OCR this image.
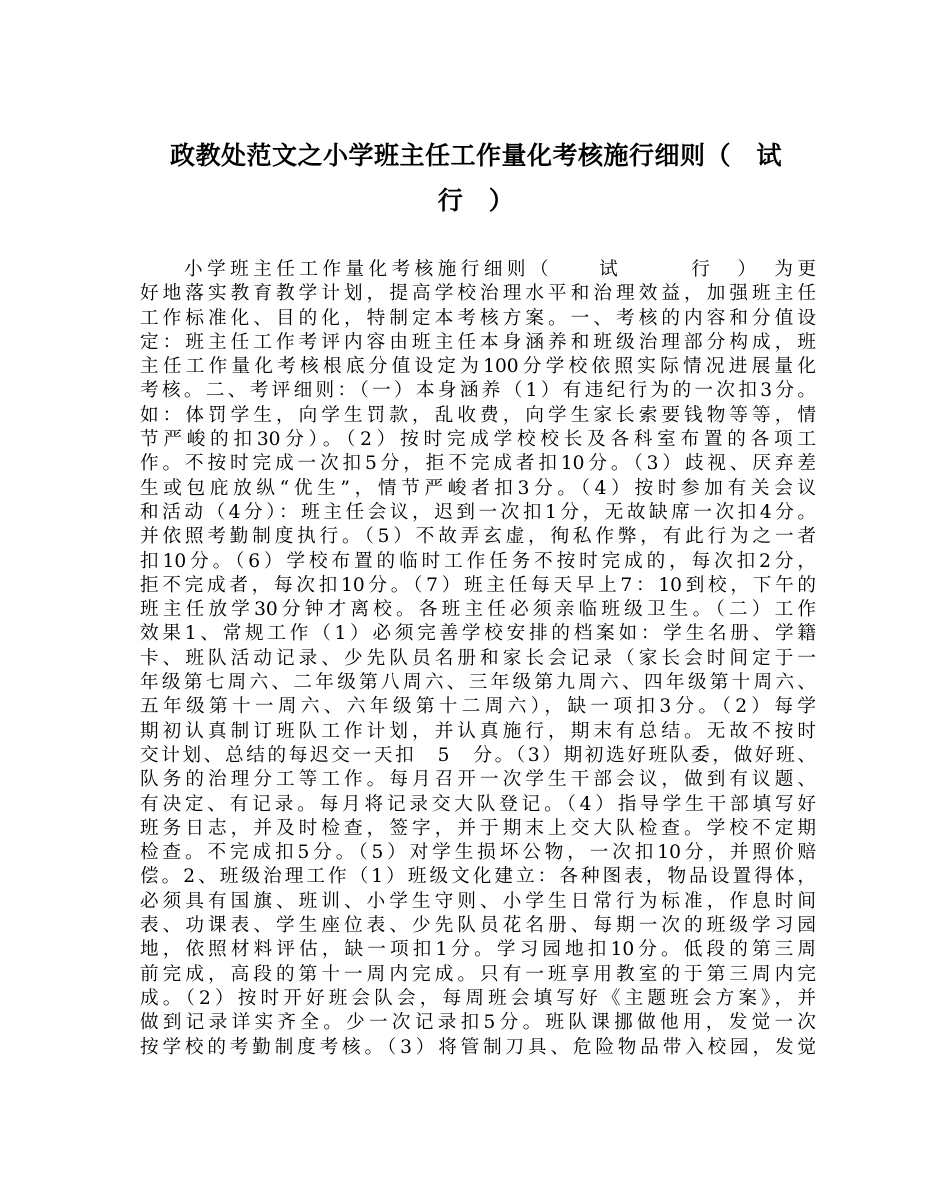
政教处范文之小学班主任工作量化考核施行细则（　试
行　）
小学班主任工作量化考核施行细则（　　试　　　行　）　为更
好地落实教育教学计划，提高学校治理水平和治理效益，加强班主任
工作标准化、目的化，特制定本考核方案。一、考核的内容和分值设
定：班主任工作考评内容由班主任本身涵养和班级治理部分构成，班
主任工作量化考核根底分值设定为100分学校依照实际情况进展量化
考核。二、考评细则：（一）本身涵养（1）有违纪行为的一次扣3分。
如：体罚学生，向学生罚款，乱收费，向学生家长索要钱物等等，情
节严峻的扣30分）。（2）按时完成学校校长及各科室布置的各项工
作。不按时完成一次扣5分，拒不完成者扣10分。（3）歧视、厌弃差
生或包庇放纵“优生”，情节严峻者扣3分。（4）按时参加有关会议
和活动（4分）：班主任会议，迟到一次扣1分，无故缺席一次扣4分。
并依照考勤制度执行。（5）不故弄玄虚，徇私作弊，有此行为之一者
扣10分。（6）学校布置的临时工作任务不按时完成的，每次扣2分，
拒不完成者，每次扣10分。（7）班主任每天早上7：10到校，下午的
班主任放学30分钟才离校。各班主任必须亲临班级卫生。（二）工作
效果1、常规工作（1）必须完善学校安排的档案如：学生名册、学籍
卡、班队活动记录、少先队员名册和家长会记录（家长会时间定于一
年级第七周六、二年级第八周六、三年级第九周六、四年级第十周六、
五年级第十一周六、六年级第十二周六），缺一项扣3分。（2）每学
期初认真制订班队工作计划，并认真施行，期末有总结。无故不按时
交计划、总结的每迟交一天扣　5　分。（3）期初选好班队委，做好班、
队务的治理分工等工作。每月召开一次学生干部会议，做到有议题、
有决定、有记录。每月将记录交大队登记。（4）指导学生干部填写好
班务日志，并及时检查，签字，并于期末上交大队检查。学校不定期
检查。不完成扣5分。（5）对学生损坏公物，一次扣10分，并照价赔
偿。2、班级治理工作（1）班级文化建立：各种图表，物品设置得体，
必须具有国旗、班训、小学生守则、小学生日常行为标准，作息时间
表、功课表、学生座位表、少先队员花名册、每期一次的班级学习园
地，依照材料评估，缺一项扣1分。学习园地扣10分。低段的第三周
前完成，高段的第十一周内完成。只有一班享用教室的于第三周内完
成。（2）按时开好班会队会，每周班会填写好《主题班会方案》，并
做到记录详实齐全。少一次记录扣5分。班队课挪做他用，发觉一次
按学校的考勤制度考核。（3）将管制刀具、危险物品带入校园，发觉
